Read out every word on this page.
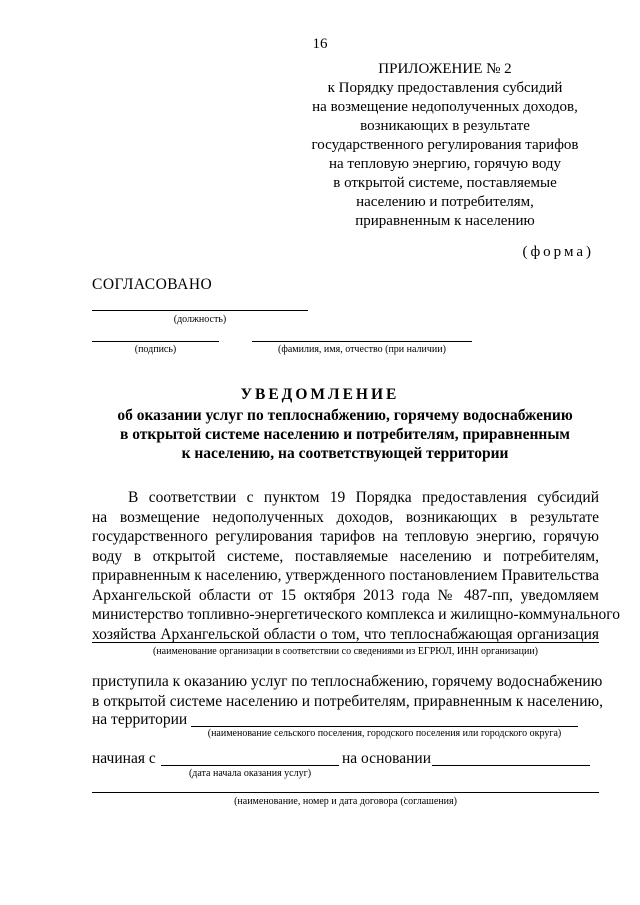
16
ПРИЛОЖЕНИЕ № 2
к Порядку предоставления субсидий
на возмещение недополученных доходов,
возникающих в результате
государственного регулирования тарифов
на тепловую энергию, горячую воду
в открытой системе, поставляемые
населению и потребителям,
приравненным к населению
(форма)
СОГЛАСОВАНО
(должность)
(подпись)	(фамилия, имя, отчество (при наличии)
УВЕДОМЛЕНИЕ
об оказании услуг по теплоснабжению, горячему водоснабжению
в открытой системе населению и потребителям, приравненным
к населению, на соответствующей территории
В соответствии с пунктом 19 Порядка предоставления субсидий
на возмещение недополученных доходов, возникающих в результате
государственного регулирования тарифов на тепловую энергию, горячую
воду в открытой системе, поставляемые населению и потребителям,
приравненным к населению, утвержденного постановлением Правительства
Архангельской области от 15 октября 2013 года № 487-пп, уведомляем
министерство топливно-энергетического комплекса и жилищно-коммунального
хозяйства Архангельской области о том, что теплоснабжающая организация
(наименование организации в соответствии со сведениями из ЕГРЮЛ, ИНН организации)
приступила к оказанию услуг по теплоснабжению, горячему водоснабжению
в открытой системе населению и потребителям, приравненным к населению,
на территории
(наименование сельского поселения, городского поселения или городского округа)
начиная с
(дата начала оказания услуг)
на основании
(наименование, номер и дата договора (соглашения)
